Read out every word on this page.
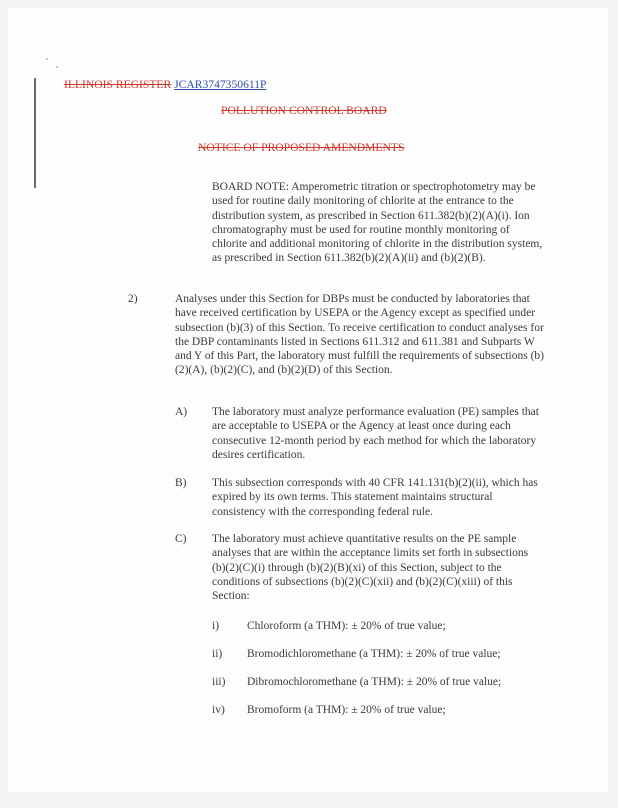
ILLINOIS REGISTER JCAR3747350611P
POLLUTION CONTROL BOARD
NOTICE OF PROPOSED AMENDMENTS
BOARD NOTE: Amperometric titration or spectrophotometry may be used for routine daily monitoring of chlorite at the entrance to the distribution system, as prescribed in Section 611.382(b)(2)(A)(i). Ion chromatography must be used for routine monthly monitoring of chlorite and additional monitoring of chlorite in the distribution system, as prescribed in Section 611.382(b)(2)(A)(ii) and (b)(2)(B).
2)	Analyses under this Section for DBPs must be conducted by laboratories that have received certification by USEPA or the Agency except as specified under subsection (b)(3) of this Section. To receive certification to conduct analyses for the DBP contaminants listed in Sections 611.312 and 611.381 and Subparts W and Y of this Part, the laboratory must fulfill the requirements of subsections (b)(2)(A), (b)(2)(C), and (b)(2)(D) of this Section.
A) The laboratory must analyze performance evaluation (PE) samples that are acceptable to USEPA or the Agency at least once during each consecutive 12-month period by each method for which the laboratory desires certification.
B) This subsection corresponds with 40 CFR 141.131(b)(2)(ii), which has expired by its own terms. This statement maintains structural consistency with the corresponding federal rule.
C) The laboratory must achieve quantitative results on the PE sample analyses that are within the acceptance limits set forth in subsections (b)(2)(C)(i) through (b)(2)(B)(xi) of this Section, subject to the conditions of subsections (b)(2)(C)(xii) and (b)(2)(C)(xiii) of this Section:
i) Chloroform (a THM): ± 20% of true value;
ii) Bromodichloromethane (a THM): ± 20% of true value;
iii) Dibromochloromethane (a THM): ± 20% of true value;
iv) Bromoform (a THM): ± 20% of true value;
